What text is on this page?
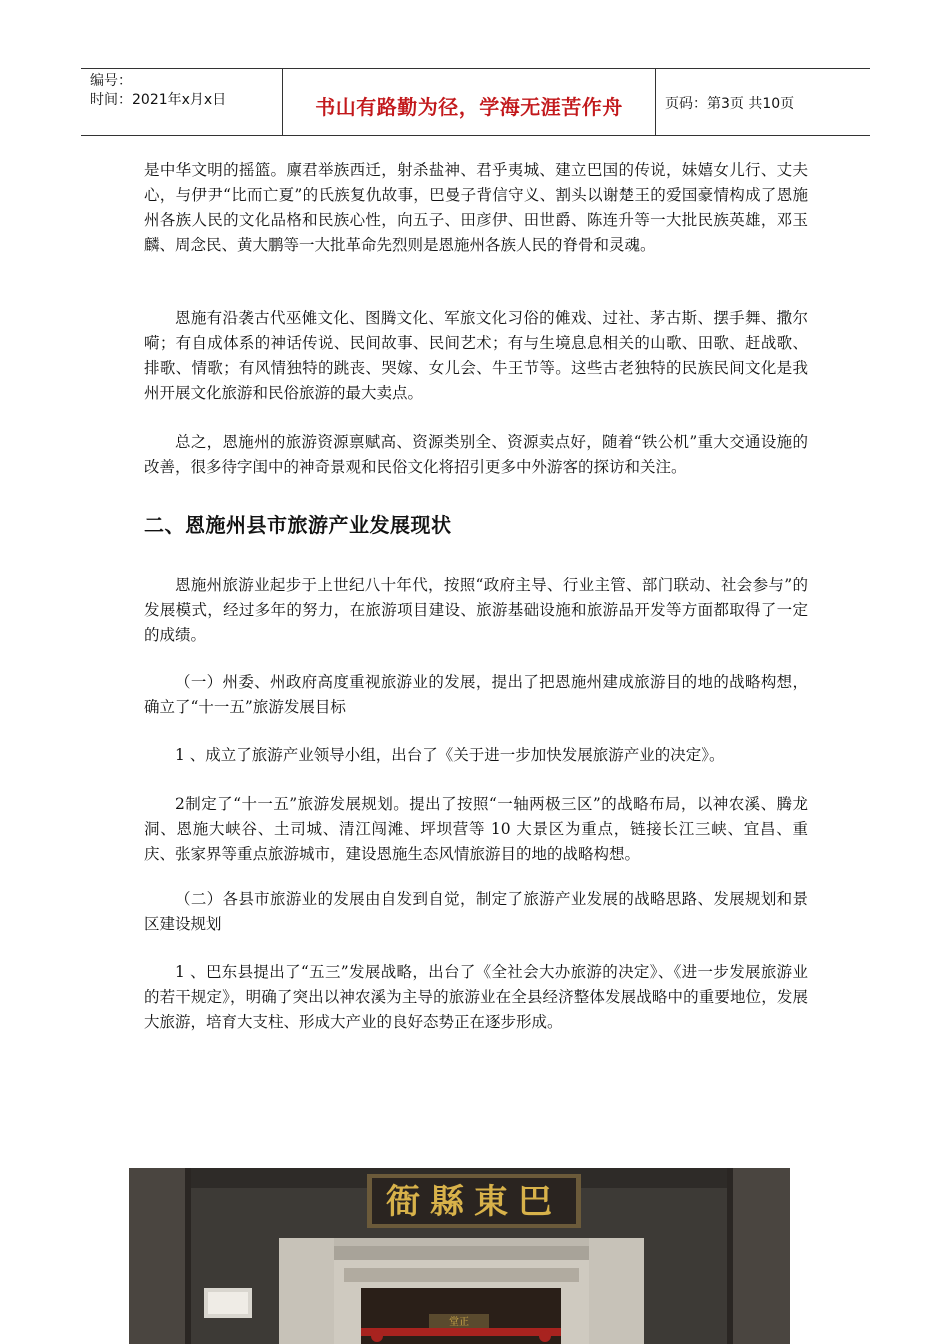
编号：
时间：2021年x月x日	书山有路勤为径，学海无涯苦作舟	页码：第3页 共10页

是中华文明的摇篮。廪君举族西迁，射杀盐神、君乎夷城、建立巴国的传说，妹嬉女儿行、丈夫心，与伊尹“比而亡夏”的氏族复仇故事，巴曼子背信守义、割头以谢楚王的爱国豪情构成了恩施州各族人民的文化品格和民族心性，向五子、田彦伊、田世爵、陈连升等一大批民族英雄，邓玉麟、周念民、黄大鹏等一大批革命先烈则是恩施州各族人民的脊骨和灵魂。

恩施有沿袭古代巫傩文化、图腾文化、军旅文化习俗的傩戏、过社、茅古斯、摆手舞、撒尔嗬；有自成体系的神话传说、民间故事、民间艺术；有与生境息息相关的山歌、田歌、赶战歌、排歌、情歌；有风情独特的跳丧、哭嫁、女儿会、牛王节等。这些古老独特的民族民间文化是我州开展文化旅游和民俗旅游的最大卖点。

总之，恩施州的旅游资源禀赋高、资源类别全、资源卖点好，随着“铁公机”重大交通设施的改善，很多待字闺中的神奇景观和民俗文化将招引更多中外游客的探访和关注。

二、恩施州县市旅游产业发展现状

恩施州旅游业起步于上世纪八十年代，按照“政府主导、行业主管、部门联动、社会参与”的发展模式，经过多年的努力，在旅游项目建设、旅游基础设施和旅游品开发等方面都取得了一定的成绩。

（一）州委、州政府高度重视旅游业的发展，提出了把恩施州建成旅游目的地的战略构想，确立了“十一五”旅游发展目标

1 、成立了旅游产业领导小组，出台了《关于进一步加快发展旅游产业的决定》。

2制定了“十一五”旅游发展规划。提出了按照“一轴两极三区”的战略布局，以神农溪、腾龙洞、恩施大峡谷、土司城、清江闯滩、坪坝营等 10 大景区为重点，链接长江三峡、宜昌、重庆、张家界等重点旅游城市，建设恩施生态风情旅游目的地的战略构想。

（二）各县市旅游业的发展由自发到自觉，制定了旅游产业发展的战略思路、发展规划和景区建设规划

1 、巴东县提出了“五三”发展战略，出台了《全社会大办旅游的决定》、《进一步发展旅游业的若干规定》，明确了突出以神农溪为主导的旅游业在全县经济整体发展战略中的重要地位，发展大旅游，培育大支柱、形成大产业的良好态势正在逐步形成。

堂正
衙縣東巴
